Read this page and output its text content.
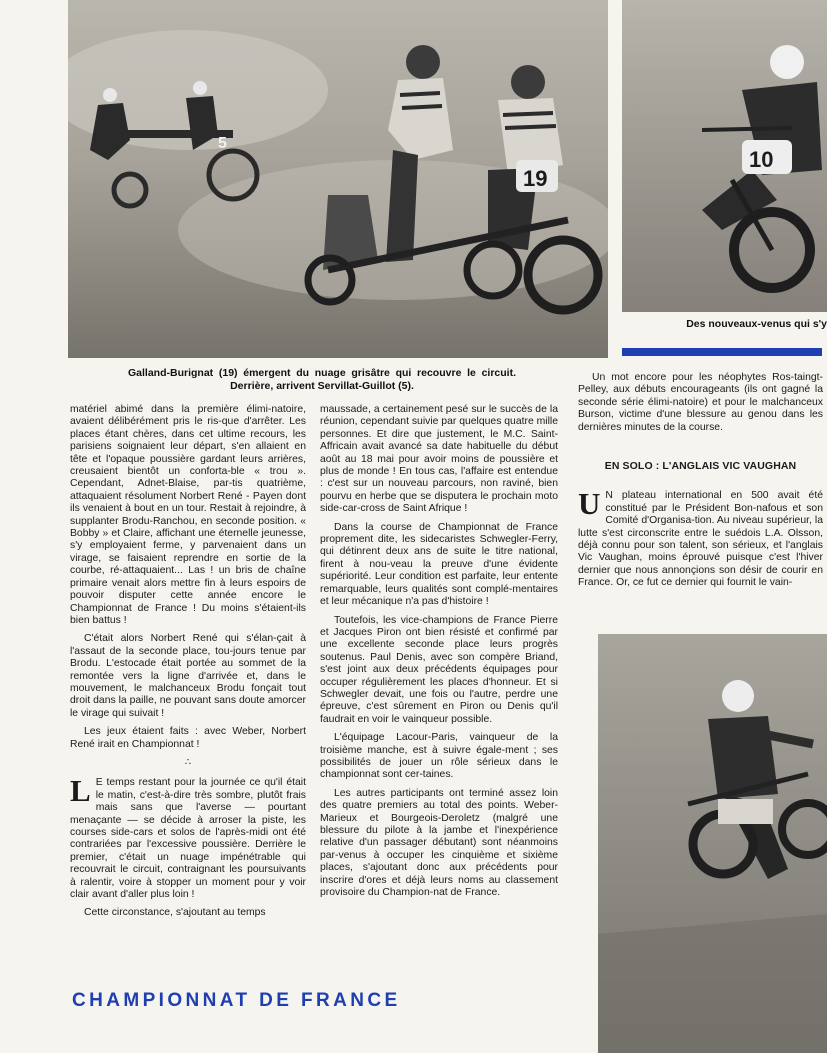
5
19
10
Des nouveaux-venus qui s'y
Galland-Burignat (19) émergent du nuage grisâtre qui recouvre le circuit. Derrière, arrivent Servillat-Guillot (5).

matériel abimé dans la première élimi-natoire, avaient délibérément pris le ris-que d'arrêter. Les places étant chères, dans cet ultime recours, les parisiens soignaient leur départ, s'en allaient en tête et l'opaque poussière gardant leurs arrières, creusaient bientôt un conforta-ble « trou ». Cependant, Adnet-Blaise, par-tis quatrième, attaquaient résolument Norbert René - Payen dont ils venaient à bout en un tour. Restait à rejoindre, à supplanter Brodu-Ranchou, en seconde position. « Bobby » et Claire, affichant une éternelle jeunesse, s'y employaient ferme, y parvenaient dans un virage, se faisaient reprendre en sortie de la courbe, ré-attaquaient... Las ! un bris de chaîne primaire venait alors mettre fin à leurs espoirs de pouvoir disputer cette année encore le Championnat de France ! Du moins s'étaient-ils bien battus !

C'était alors Norbert René qui s'élan-çait à l'assaut de la seconde place, tou-jours tenue par Brodu. L'estocade était portée au sommet de la remontée vers la ligne d'arrivée et, dans le mouvement, le malchanceux Brodu fonçait tout droit dans la paille, ne pouvant sans doute amorcer le virage qui suivait !

Les jeux étaient faits : avec Weber, Norbert René irait en Championnat !

∴

L E temps restant pour la journée ce qu'il était le matin, c'est-à-dire très sombre, plutôt frais mais sans que l'averse — pourtant menaçante — se décide à arroser la piste, les courses side-cars et solos de l'après-midi ont été contrariées par l'excessive poussière. Derrière le premier, c'était un nuage impénétrable qui recouvrait le circuit, contraignant les poursuivants à ralentir, voire à stopper un moment pour y voir clair avant d'aller plus loin !

Cette circonstance, s'ajoutant au temps

maussade, a certainement pesé sur le succès de la réunion, cependant suivie par quelques quatre mille personnes. Et dire que justement, le M.C. Saint-Affricain avait avancé sa date habituelle du début août au 18 mai pour avoir moins de poussière et plus de monde ! En tous cas, l'affaire est entendue : c'est sur un nouveau parcours, non raviné, bien pourvu en herbe que se disputera le prochain moto side-car-cross de Saint Afrique !

Dans la course de Championnat de France proprement dite, les sidecaristes Schwegler-Ferry, qui détinrent deux ans de suite le titre national, firent à nou-veau la preuve d'une évidente supériorité. Leur condition est parfaite, leur entente remarquable, leurs qualités sont complé-mentaires et leur mécanique n'a pas d'histoire !

Toutefois, les vice-champions de France Pierre et Jacques Piron ont bien résisté et confirmé par une excellente seconde place leurs progrès soutenus. Paul Denis, avec son compère Briand, s'est joint aux deux précédents équipages pour occuper régulièrement les places d'honneur. Et si Schwegler devait, une fois ou l'autre, perdre une épreuve, c'est sûrement en Piron ou Denis qu'il faudrait en voir le vainqueur possible.

L'équipage Lacour-Paris, vainqueur de la troisième manche, est à suivre égale-ment ; ses possibilités de jouer un rôle sérieux dans le championnat sont cer-taines.

Les autres participants ont terminé assez loin des quatre premiers au total des points. Weber-Marieux et Bourgeois-Deroletz (malgré une blessure du pilote à la jambe et l'inexpérience relative d'un passager débutant) sont néanmoins par-venus à occuper les cinquième et sixième places, s'ajoutant donc aux précédents pour inscrire d'ores et déjà leurs noms au classement provisoire du Champion-nat de France.

Un mot encore pour les néophytes Ros-taingt-Pelley, aux débuts encourageants (ils ont gagné la seconde série élimi-natoire) et pour le malchanceux Burson, victime d'une blessure au genou dans les dernières minutes de la course.

EN SOLO : L'ANGLAIS VIC VAUGHAN

U N plateau international en 500 avait été constitué par le Président Bon-nafous et son Comité d'Organisa-tion. Au niveau supérieur, la lutte s'est circonscrite entre le suédois L.A. Olsson, déjà connu pour son talent, son sérieux, et l'anglais Vic Vaughan, moins éprouvé puisque c'est l'hiver dernier que nous annonçions son désir de courir en France. Or, ce fut ce dernier qui fournit le vain-

CHAMPIONNAT DE FRANCE
